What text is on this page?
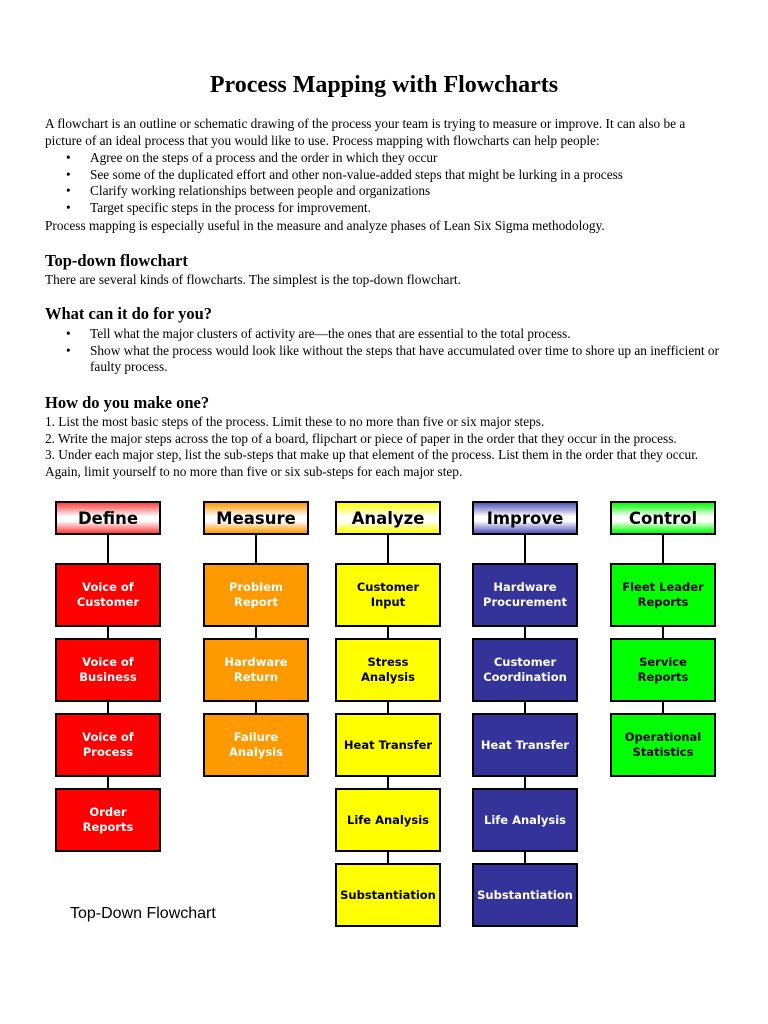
Process Mapping with Flowcharts
A flowchart is an outline or schematic drawing of the process your team is trying to measure or improve. It can also be a picture of an ideal process that you would like to use. Process mapping with flowcharts can help people:
• Agree on the steps of a process and the order in which they occur
• See some of the duplicated effort and other non-value-added steps that might be lurking in a process
• Clarify working relationships between people and organizations
• Target specific steps in the process for improvement.
Process mapping is especially useful in the measure and analyze phases of Lean Six Sigma methodology.
Top-down flowchart
There are several kinds of flowcharts. The simplest is the top-down flowchart.
What can it do for you?
• Tell what the major clusters of activity are—the ones that are essential to the total process.
• Show what the process would look like without the steps that have accumulated over time to shore up an inefficient or faulty process.
How do you make one?
1. List the most basic steps of the process. Limit these to no more than five or six major steps.
2. Write the major steps across the top of a board, flipchart or piece of paper in the order that they occur in the process.
3. Under each major step, list the sub-steps that make up that element of the process. List them in the order that they occur. Again, limit yourself to no more than five or six sub-steps for each major step.
Top-Down Flowchart
Define
Voice of Customer
Voice of Business
Voice of Process
Order Reports
Measure
Problem Report
Hardware Return
Failure Analysis
Analyze
Customer Input
Stress Analysis
Heat Transfer
Life Analysis
Substantiation
Improve
Hardware Procurement
Customer Coordination
Heat Transfer
Life Analysis
Substantiation
Control
Fleet Leader Reports
Service Reports
Operational Statistics
